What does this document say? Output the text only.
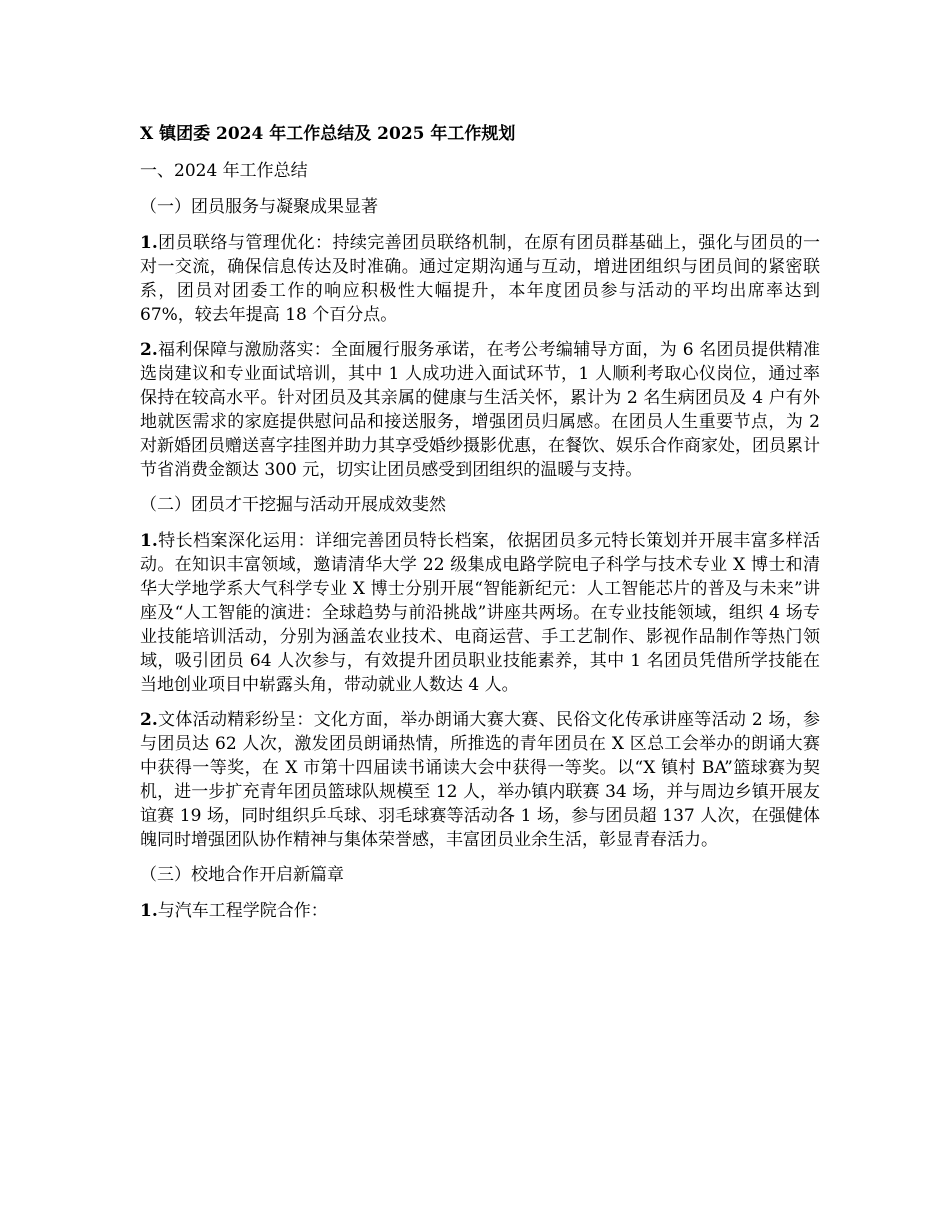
X 镇团委 2024 年工作总结及 2025 年工作规划

一、2024 年工作总结

（一）团员服务与凝聚成果显著

1.团员联络与管理优化：持续完善团员联络机制，在原有团员群基础上，强化与团员的一对一交流，确保信息传达及时准确。通过定期沟通与互动，增进团组织与团员间的紧密联系，团员对团委工作的响应积极性大幅提升，本年度团员参与活动的平均出席率达到 67%，较去年提高 18 个百分点。

2.福利保障与激励落实：全面履行服务承诺，在考公考编辅导方面，为 6 名团员提供精准选岗建议和专业面试培训，其中 1 人成功进入面试环节，1 人顺利考取心仪岗位，通过率保持在较高水平。针对团员及其亲属的健康与生活关怀，累计为 2 名生病团员及 4 户有外地就医需求的家庭提供慰问品和接送服务，增强团员归属感。在团员人生重要节点，为 2 对新婚团员赠送喜字挂图并助力其享受婚纱摄影优惠，在餐饮、娱乐合作商家处，团员累计节省消费金额达 300 元，切实让团员感受到团组织的温暖与支持。

（二）团员才干挖掘与活动开展成效斐然

1.特长档案深化运用：详细完善团员特长档案，依据团员多元特长策划并开展丰富多样活动。在知识丰富领域，邀请清华大学 22 级集成电路学院电子科学与技术专业 X 博士和清华大学地学系大气科学专业 X 博士分别开展“智能新纪元：人工智能芯片的普及与未来”讲座及“人工智能的演进：全球趋势与前沿挑战”讲座共两场。在专业技能领域，组织 4 场专业技能培训活动，分别为涵盖农业技术、电商运营、手工艺制作、影视作品制作等热门领域，吸引团员 64 人次参与，有效提升团员职业技能素养，其中 1 名团员凭借所学技能在当地创业项目中崭露头角，带动就业人数达 4 人。

2.文体活动精彩纷呈：文化方面，举办朗诵大赛大赛、民俗文化传承讲座等活动 2 场，参与团员达 62 人次，激发团员朗诵热情，所推选的青年团员在 X 区总工会举办的朗诵大赛中获得一等奖，在 X 市第十四届读书诵读大会中获得一等奖。以“X 镇村 BA”篮球赛为契机，进一步扩充青年团员篮球队规模至 12 人，举办镇内联赛 34 场，并与周边乡镇开展友谊赛 19 场，同时组织乒乓球、羽毛球赛等活动各 1 场，参与团员超 137 人次，在强健体魄同时增强团队协作精神与集体荣誉感，丰富团员业余生活，彰显青春活力。

（三）校地合作开启新篇章

1.与汽车工程学院合作：
